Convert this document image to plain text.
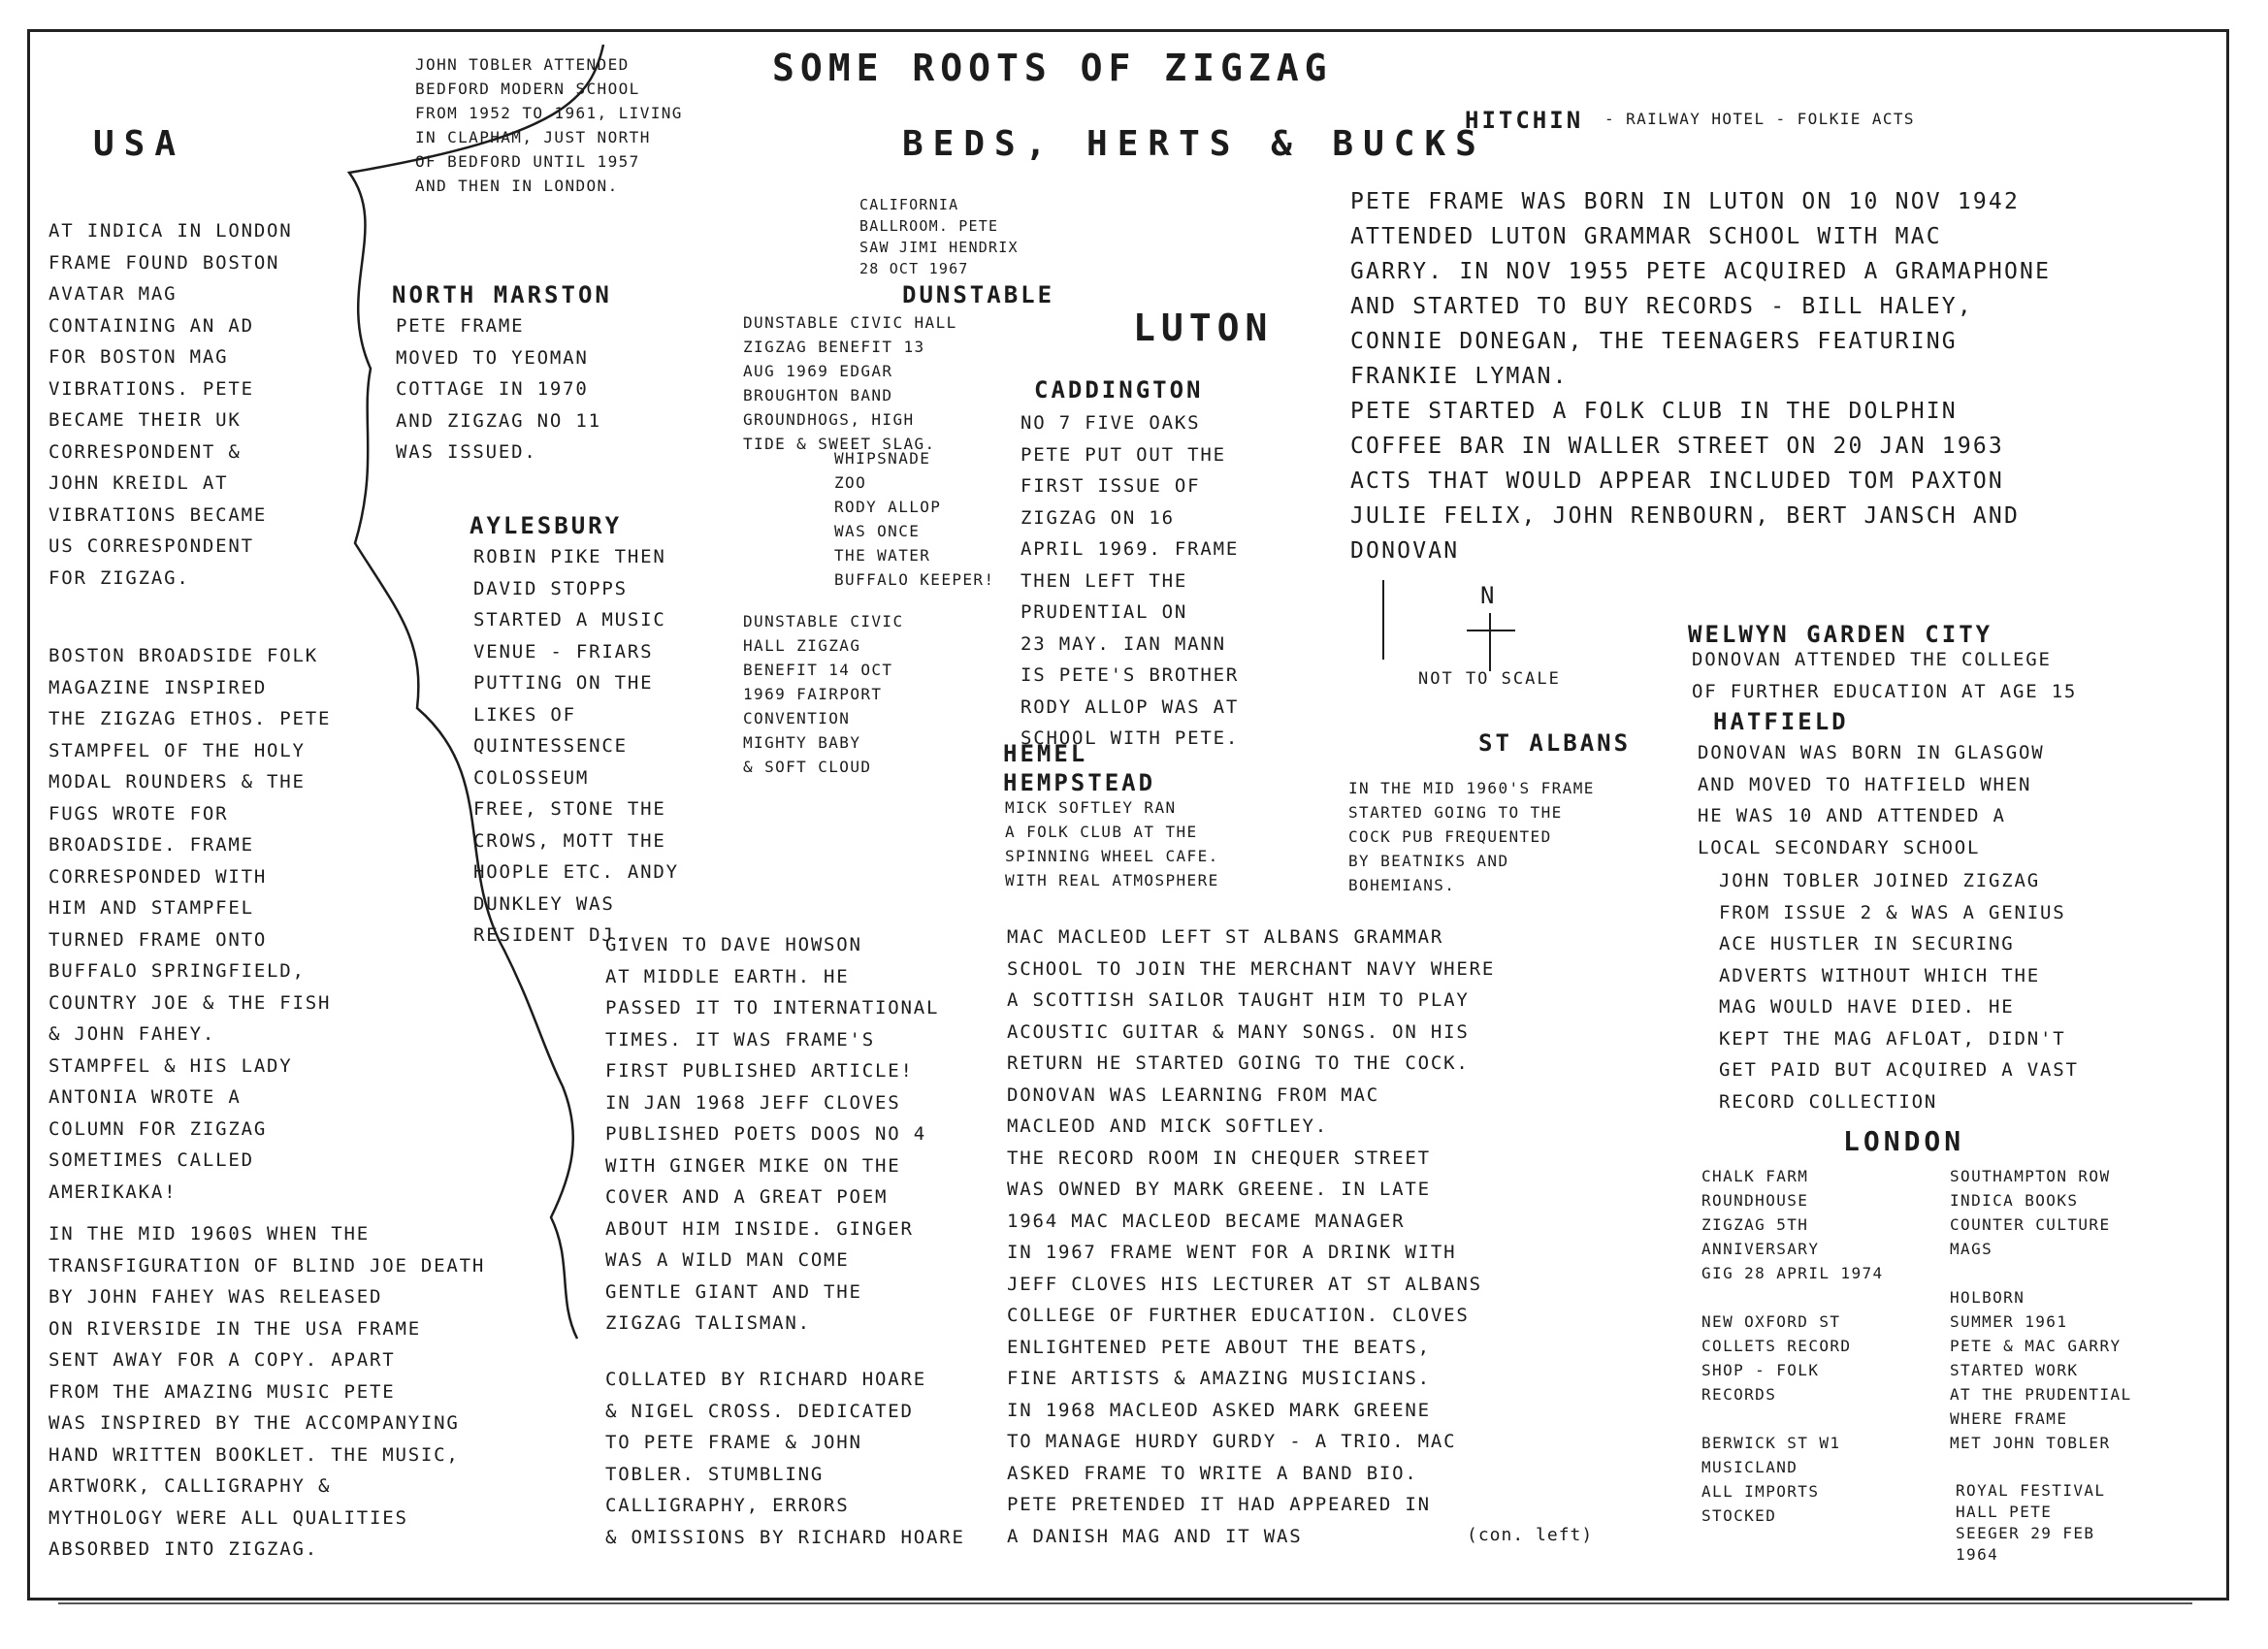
SOME ROOTS OF ZIGZAG
BEDS, HERTS & BUCKS
USA

AT INDICA IN LONDON
FRAME FOUND BOSTON
AVATAR MAG
CONTAINING AN AD
FOR BOSTON MAG
VIBRATIONS. PETE
BECAME THEIR UK
CORRESPONDENT &
JOHN KREIDL AT
VIBRATIONS BECAME
US CORRESPONDENT
FOR ZIGZAG.

BOSTON BROADSIDE FOLK
MAGAZINE INSPIRED
THE ZIGZAG ETHOS. PETE
STAMPFEL OF THE HOLY
MODAL ROUNDERS & THE
FUGS WROTE FOR
BROADSIDE. FRAME
CORRESPONDED WITH
HIM AND STAMPFEL
TURNED FRAME ONTO
BUFFALO SPRINGFIELD,
COUNTRY JOE & THE FISH
& JOHN FAHEY.
STAMPFEL & HIS LADY
ANTONIA WROTE A
COLUMN FOR ZIGZAG
SOMETIMES CALLED
AMERIKAKA!

IN THE MID 1960S WHEN THE
TRANSFIGURATION OF BLIND JOE DEATH
BY JOHN FAHEY WAS RELEASED
ON RIVERSIDE IN THE USA FRAME
SENT AWAY FOR A COPY. APART
FROM THE AMAZING MUSIC PETE
WAS INSPIRED BY THE ACCOMPANYING
HAND WRITTEN BOOKLET. THE MUSIC,
ARTWORK, CALLIGRAPHY &
MYTHOLOGY WERE ALL QUALITIES
ABSORBED INTO ZIGZAG.

JOHN TOBLER ATTENDED
BEDFORD MODERN SCHOOL
FROM 1952 TO 1961, LIVING
IN CLAPHAM, JUST NORTH
OF BEDFORD UNTIL 1957
AND THEN IN LONDON.

NORTH MARSTON

PETE FRAME
MOVED TO YEOMAN
COTTAGE IN 1970
AND ZIGZAG NO 11
WAS ISSUED.

AYLESBURY

ROBIN PIKE THEN
DAVID STOPPS
STARTED A MUSIC
VENUE - FRIARS
PUTTING ON THE
LIKES OF
QUINTESSENCE
COLOSSEUM
FREE, STONE THE
CROWS, MOTT THE
HOOPLE ETC. ANDY
DUNKLEY WAS
RESIDENT DJ.

CALIFORNIA
BALLROOM. PETE
SAW JIMI HENDRIX
28 OCT 1967

DUNSTABLE

DUNSTABLE CIVIC HALL
ZIGZAG BENEFIT 13
AUG 1969 EDGAR
BROUGHTON BAND
GROUNDHOGS, HIGH
TIDE & SWEET SLAG.

WHIPSNADE
ZOO
RODY ALLOP
WAS ONCE
THE WATER
BUFFALO KEEPER!

DUNSTABLE CIVIC
HALL ZIGZAG
BENEFIT 14 OCT
1969 FAIRPORT
CONVENTION
MIGHTY BABY
& SOFT CLOUD

LUTON
CADDINGTON

NO 7 FIVE OAKS
PETE PUT OUT THE
FIRST ISSUE OF
ZIGZAG ON 16
APRIL 1969. FRAME
THEN LEFT THE
PRUDENTIAL ON
23 MAY. IAN MANN
IS PETE'S BROTHER
RODY ALLOP WAS AT
SCHOOL WITH PETE.

HITCHIN - RAILWAY HOTEL - FOLKIE ACTS

PETE FRAME WAS BORN IN LUTON ON 10 NOV 1942
ATTENDED LUTON GRAMMAR SCHOOL WITH MAC
GARRY. IN NOV 1955 PETE ACQUIRED A GRAMAPHONE
AND STARTED TO BUY RECORDS - BILL HALEY,
CONNIE DONEGAN, THE TEENAGERS FEATURING
FRANKIE LYMAN.
PETE STARTED A FOLK CLUB IN THE DOLPHIN
COFFEE BAR IN WALLER STREET ON 20 JAN 1963
ACTS THAT WOULD APPEAR INCLUDED TOM PAXTON
JULIE FELIX, JOHN RENBOURN, BERT JANSCH AND
DONOVAN

N
NOT TO SCALE
WELWYN GARDEN CITY

DONOVAN ATTENDED THE COLLEGE
OF FURTHER EDUCATION AT AGE 15

HATFIELD

DONOVAN WAS BORN IN GLASGOW
AND MOVED TO HATFIELD WHEN
HE WAS 10 AND ATTENDED A
LOCAL SECONDARY SCHOOL

JOHN TOBLER JOINED ZIGZAG
FROM ISSUE 2 & WAS A GENIUS
ACE HUSTLER IN SECURING
ADVERTS WITHOUT WHICH THE
MAG WOULD HAVE DIED. HE
KEPT THE MAG AFLOAT, DIDN'T
GET PAID BUT ACQUIRED A VAST
RECORD COLLECTION

ST ALBANS

IN THE MID 1960'S FRAME
STARTED GOING TO THE
COCK PUB FREQUENTED
BY BEATNIKS AND
BOHEMIANS.

HEMEL
HEMPSTEAD

MICK SOFTLEY RAN
A FOLK CLUB AT THE
SPINNING WHEEL CAFE.
WITH REAL ATMOSPHERE

GIVEN TO DAVE HOWSON
AT MIDDLE EARTH. HE
PASSED IT TO INTERNATIONAL
TIMES. IT WAS FRAME'S
FIRST PUBLISHED ARTICLE!
IN JAN 1968 JEFF CLOVES
PUBLISHED POETS DOOS NO 4
WITH GINGER MIKE ON THE
COVER AND A GREAT POEM
ABOUT HIM INSIDE. GINGER
WAS A WILD MAN COME
GENTLE GIANT AND THE
ZIGZAG TALISMAN.

COLLATED BY RICHARD HOARE
& NIGEL CROSS. DEDICATED
TO PETE FRAME & JOHN
TOBLER. STUMBLING
CALLIGRAPHY, ERRORS
& OMISSIONS BY RICHARD HOARE

MAC MACLEOD LEFT ST ALBANS GRAMMAR
SCHOOL TO JOIN THE MERCHANT NAVY WHERE
A SCOTTISH SAILOR TAUGHT HIM TO PLAY
ACOUSTIC GUITAR & MANY SONGS. ON HIS
RETURN HE STARTED GOING TO THE COCK.
DONOVAN WAS LEARNING FROM MAC
MACLEOD AND MICK SOFTLEY.
THE RECORD ROOM IN CHEQUER STREET
WAS OWNED BY MARK GREENE. IN LATE
1964 MAC MACLEOD BECAME MANAGER
IN 1967 FRAME WENT FOR A DRINK WITH
JEFF CLOVES HIS LECTURER AT ST ALBANS
COLLEGE OF FURTHER EDUCATION. CLOVES
ENLIGHTENED PETE ABOUT THE BEATS,
FINE ARTISTS & AMAZING MUSICIANS.
IN 1968 MACLEOD ASKED MARK GREENE
TO MANAGE HURDY GURDY - A TRIO. MAC
ASKED FRAME TO WRITE A BAND BIO.
PETE PRETENDED IT HAD APPEARED IN
A DANISH MAG AND IT WAS	(con. left)
LONDON

CHALK FARM
ROUNDHOUSE
ZIGZAG 5TH
ANNIVERSARY
GIG 28 APRIL 1974

NEW OXFORD ST
COLLETS RECORD
SHOP - FOLK
RECORDS

BERWICK ST W1
MUSICLAND
ALL IMPORTS
STOCKED

SOUTHAMPTON ROW
INDICA BOOKS
COUNTER CULTURE
MAGS

HOLBORN
SUMMER 1961
PETE & MAC GARRY
STARTED WORK
AT THE PRUDENTIAL
WHERE FRAME
MET JOHN TOBLER

ROYAL FESTIVAL
HALL PETE
SEEGER 29 FEB
1964
